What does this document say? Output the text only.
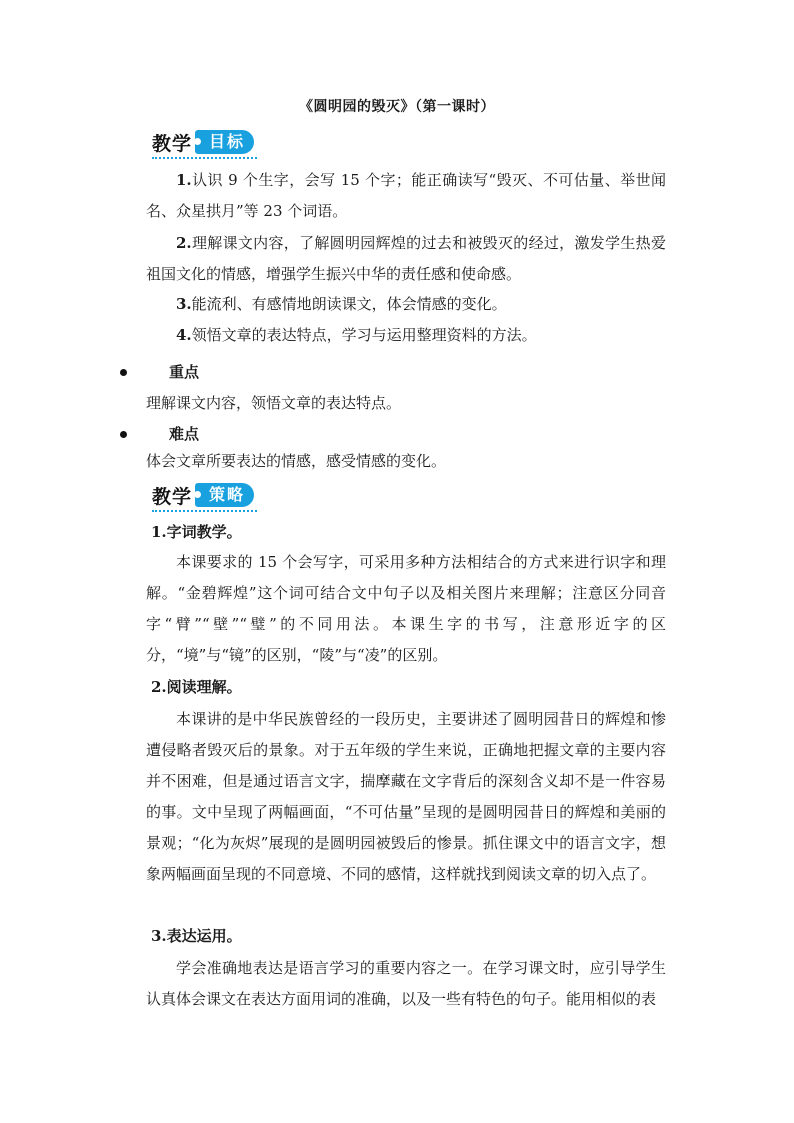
《圆明园的毁灭》（第一课时）
教学	目标
1.认识 9 个生字，会写 15 个字；能正确读写“毁灭、不可估量、举世闻名、众星拱月”等 23 个词语。
2.理解课文内容，了解圆明园辉煌的过去和被毁灭的经过，激发学生热爱祖国文化的情感，增强学生振兴中华的责任感和使命感。
3.能流利、有感情地朗读课文，体会情感的变化。
4.领悟文章的表达特点，学习与运用整理资料的方法。
重点
理解课文内容，领悟文章的表达特点。
难点
体会文章所要表达的情感，感受情感的变化。
教学	策略
1.字词教学。
本课要求的 15 个会写字，可采用多种方法相结合的方式来进行识字和理解。“金碧辉煌”这个词可结合文中句子以及相关图片来理解；注意区分同音字“臂”“壁”“璧”的不同用法。本课生字的书写，注意形近字的区分，“境”与“镜”的区别，“陵”与“凌”的区别。
2.阅读理解。
本课讲的是中华民族曾经的一段历史，主要讲述了圆明园昔日的辉煌和惨遭侵略者毁灭后的景象。对于五年级的学生来说，正确地把握文章的主要内容并不困难，但是通过语言文字，揣摩藏在文字背后的深刻含义却不是一件容易的事。文中呈现了两幅画面，“不可估量”呈现的是圆明园昔日的辉煌和美丽的景观；“化为灰烬”展现的是圆明园被毁后的惨景。抓住课文中的语言文字，想象两幅画面呈现的不同意境、不同的感情，这样就找到阅读文章的切入点了。
3.表达运用。
学会准确地表达是语言学习的重要内容之一。在学习课文时，应引导学生认真体会课文在表达方面用词的准确，以及一些有特色的句子。能用相似的表
